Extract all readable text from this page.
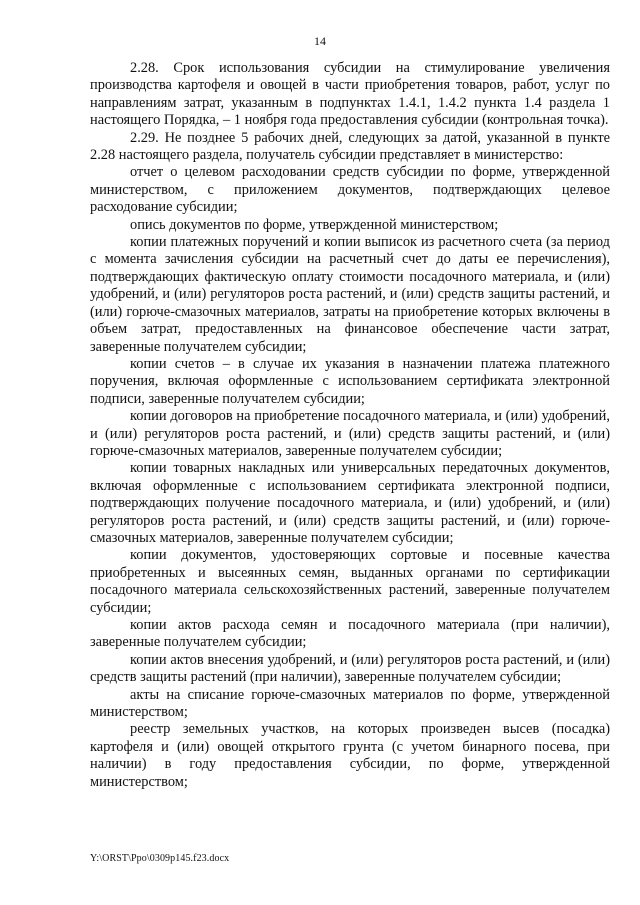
14

2.28. Срок использования субсидии на стимулирование увеличения производства картофеля и овощей в части приобретения товаров, работ, услуг по направлениям затрат, указанным в подпунктах 1.4.1, 1.4.2 пункта 1.4 раздела 1 настоящего Порядка, – 1 ноября года предоставления субсидии (контрольная точка).

2.29. Не позднее 5 рабочих дней, следующих за датой, указанной в пункте 2.28 настоящего раздела, получатель субсидии представляет в министерство:

отчет о целевом расходовании средств субсидии по форме, утвержденной министерством, с приложением документов, подтверждающих целевое расходование субсидии;

опись документов по форме, утвержденной министерством;

копии платежных поручений и копии выписок из расчетного счета (за период с момента зачисления субсидии на расчетный счет до даты ее перечисления), подтверждающих фактическую оплату стоимости посадочного материала, и (или) удобрений, и (или) регуляторов роста растений, и (или) средств защиты растений, и (или) горюче-смазочных материалов, затраты на приобретение которых включены в объем затрат, предоставленных на финансовое обеспечение части затрат, заверенные получателем субсидии;

копии счетов – в случае их указания в назначении платежа платежного поручения, включая оформленные с использованием сертификата электронной подписи, заверенные получателем субсидии;

копии договоров на приобретение посадочного материала, и (или) удобрений, и (или) регуляторов роста растений, и (или) средств защиты растений, и (или) горюче-смазочных материалов, заверенные получателем субсидии;

копии товарных накладных или универсальных передаточных документов, включая оформленные с использованием сертификата электронной подписи, подтверждающих получение посадочного материала, и (или) удобрений, и (или) регуляторов роста растений, и (или) средств защиты растений, и (или) горюче-смазочных материалов, заверенные получателем субсидии;

копии документов, удостоверяющих сортовые и посевные качества приобретенных и высеянных семян, выданных органами по сертификации посадочного материала сельскохозяйственных растений, заверенные получателем субсидии;

копии актов расхода семян и посадочного материала (при наличии), заверенные получателем субсидии;

копии актов внесения удобрений, и (или) регуляторов роста растений, и (или) средств защиты растений (при наличии), заверенные получателем субсидии;

акты на списание горюче-смазочных материалов по форме, утвержденной министерством;

реестр земельных участков, на которых произведен высев (посадка) картофеля и (или) овощей открытого грунта (с учетом бинарного посева, при наличии) в году предоставления субсидии, по форме, утвержденной министерством;

Y:\ORST\Ppo\0309p145.f23.docx
